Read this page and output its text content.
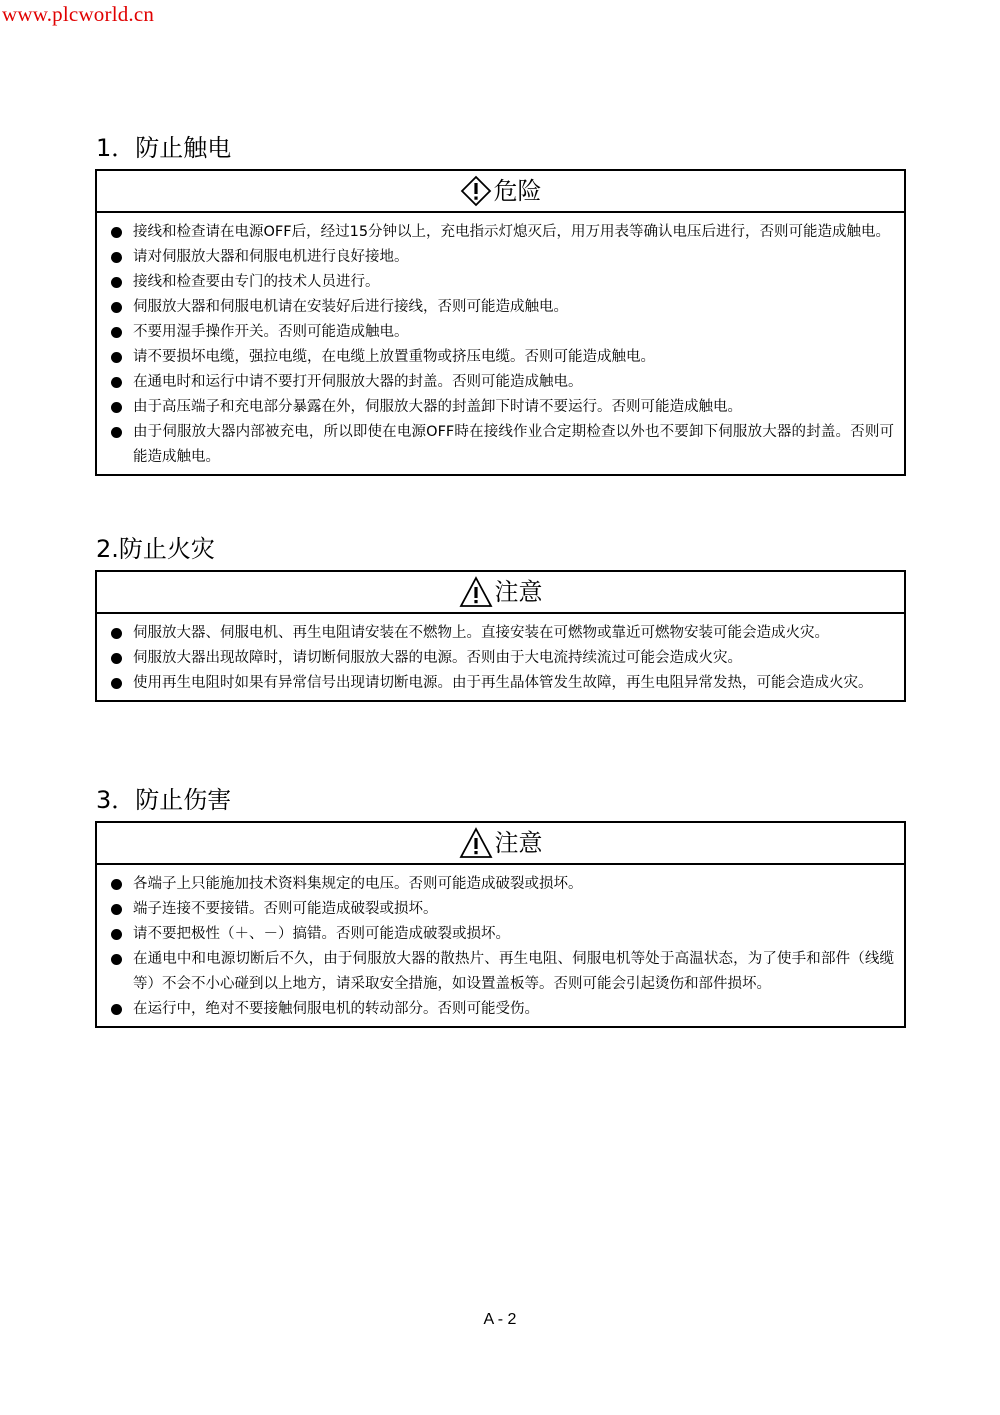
www.plcworld.cn
1．防止触电
危险
接线和检查请在电源OFF后，经过15分钟以上，充电指示灯熄灭后，用万用表等确认电压后进行，否则可能造成触电。
请对伺服放大器和伺服电机进行良好接地。
接线和检查要由专门的技术人员进行。
伺服放大器和伺服电机请在安装好后进行接线，否则可能造成触电。
不要用湿手操作开关。否则可能造成触电。
请不要损坏电缆，强拉电缆，在电缆上放置重物或挤压电缆。否则可能造成触电。
在通电时和运行中请不要打开伺服放大器的封盖。否则可能造成触电。
由于高压端子和充电部分暴露在外，伺服放大器的封盖卸下时请不要运行。否则可能造成触电。
由于伺服放大器内部被充电，所以即使在电源OFF時在接线作业合定期检查以外也不要卸下伺服放大器的封盖。否则可能造成触电。
2.防止火灾
注意
伺服放大器、伺服电机、再生电阻请安装在不燃物上。直接安装在可燃物或靠近可燃物安装可能会造成火灾。
伺服放大器出现故障时，请切断伺服放大器的电源。否则由于大电流持续流过可能会造成火灾。
使用再生电阻时如果有异常信号出现请切断电源。由于再生晶体管发生故障，再生电阻异常发热，可能会造成火灾。
3．防止伤害
注意
各端子上只能施加技术资料集规定的电压。否则可能造成破裂或损坏。
端子连接不要接错。否则可能造成破裂或损坏。
请不要把极性（＋、－）搞错。否则可能造成破裂或损坏。
在通电中和电源切断后不久，由于伺服放大器的散热片、再生电阻、伺服电机等处于高温状态，为了使手和部件（线缆等）不会不小心碰到以上地方，请采取安全措施，如设置盖板等。否则可能会引起烫伤和部件损坏。
在运行中，绝对不要接触伺服电机的转动部分。否则可能受伤。
A - 2
